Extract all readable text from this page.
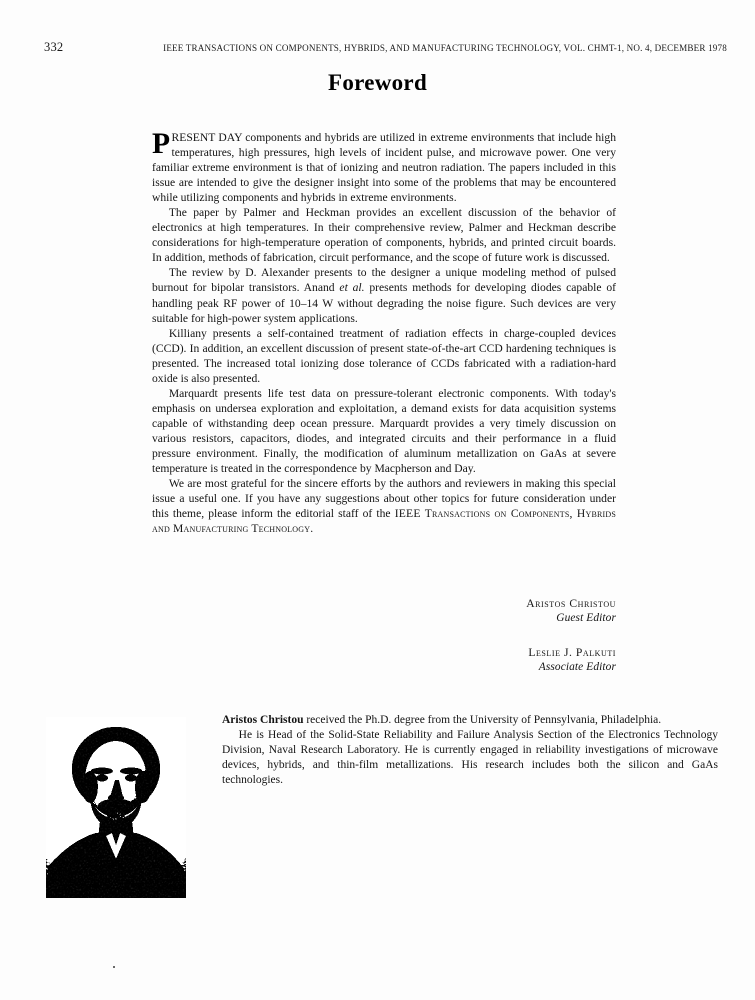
332	IEEE TRANSACTIONS ON COMPONENTS, HYBRIDS, AND MANUFACTURING TECHNOLOGY, VOL. CHMT-1, NO. 4, DECEMBER 1978
Foreword

PRESENT DAY components and hybrids are utilized in extreme environments that include high temperatures, high pressures, high levels of incident pulse, and microwave power. One very familiar extreme environment is that of ionizing and neutron radiation. The papers included in this issue are intended to give the designer insight into some of the problems that may be encountered while utilizing components and hybrids in extreme environments.

The paper by Palmer and Heckman provides an excellent discussion of the behavior of electronics at high temperatures. In their comprehensive review, Palmer and Heckman describe considerations for high-temperature operation of components, hybrids, and printed circuit boards. In addition, methods of fabrication, circuit performance, and the scope of future work is discussed.

The review by D. Alexander presents to the designer a unique modeling method of pulsed burnout for bipolar transistors. Anand et al. presents methods for developing diodes capable of handling peak RF power of 10–14 W without degrading the noise figure. Such devices are very suitable for high-power system applications.

Killiany presents a self-contained treatment of radiation effects in charge-coupled devices (CCD). In addition, an excellent discussion of present state-of-the-art CCD hardening techniques is presented. The increased total ionizing dose tolerance of CCDs fabricated with a radiation-hard oxide is also presented.

Marquardt presents life test data on pressure-tolerant electronic components. With today's emphasis on undersea exploration and exploitation, a demand exists for data acquisition systems capable of withstanding deep ocean pressure. Marquardt provides a very timely discussion on various resistors, capacitors, diodes, and integrated circuits and their performance in a fluid pressure environment. Finally, the modification of aluminum metallization on GaAs at severe temperature is treated in the correspondence by Macpherson and Day.

We are most grateful for the sincere efforts by the authors and reviewers in making this special issue a useful one. If you have any suggestions about other topics for future consideration under this theme, please inform the editorial staff of the IEEE Transactions on Components, Hybrids and Manufacturing Technology.

Aristos Christou
Guest Editor
Leslie J. Palkuti
Associate Editor

Aristos Christou received the Ph.D. degree from the University of Pennsylvania, Philadelphia.

He is Head of the Solid-State Reliability and Failure Analysis Section of the Electronics Technology Division, Naval Research Laboratory. He is currently engaged in reliability investigations of microwave devices, hybrids, and thin-film metallizations. His research includes both the silicon and GaAs technologies.
